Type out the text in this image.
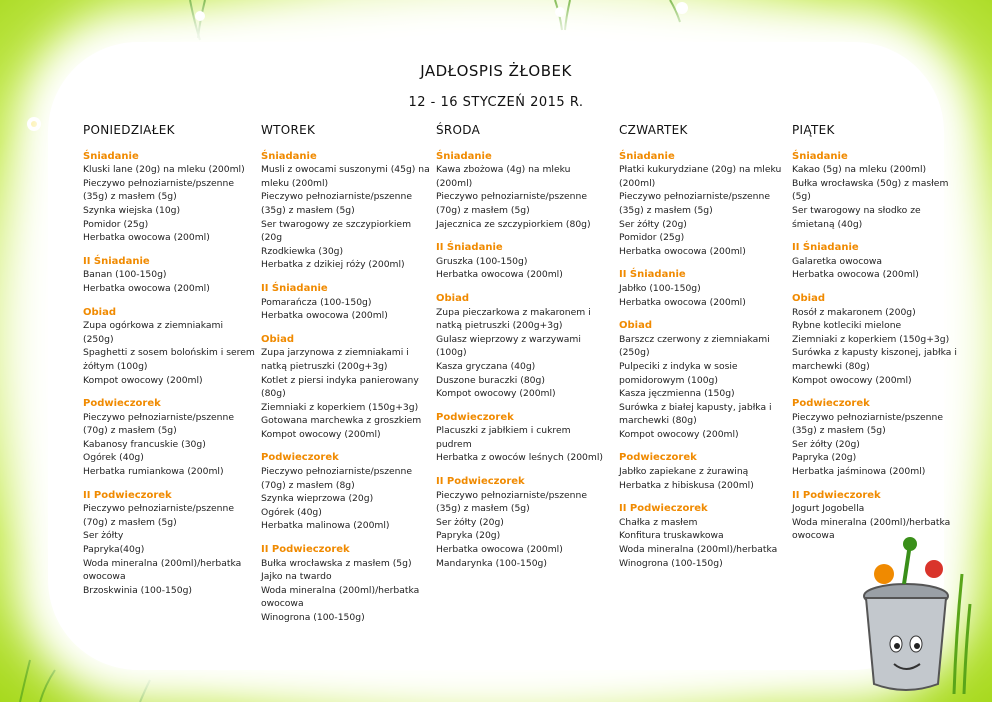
JADŁOSPIS ŻŁOBEK
12 - 16 STYCZEŃ 2015 R.
PONIEDZIAŁEK
Śniadanie
Kluski lane (20g) na mleku (200ml)
Pieczywo pełnoziarniste/pszenne (35g) z masłem (5g)
Szynka wiejska (10g)
Pomidor (25g)
Herbatka owocowa (200ml)
II Śniadanie
Banan (100-150g)
Herbatka owocowa (200ml)
Obiad
Zupa ogórkowa z ziemniakami (250g)
Spaghetti z sosem bolońskim i serem żółtym (100g)
Kompot owocowy (200ml)
Podwieczorek
Pieczywo pełnoziarniste/pszenne (70g) z masłem (5g)
Kabanosy francuskie (30g)
Ogórek (40g)
Herbatka rumiankowa (200ml)
II Podwieczorek
Pieczywo pełnoziarniste/pszenne (70g) z masłem (5g)
Ser żółty
Papryka(40g)
Woda mineralna (200ml)/herbatka owocowa
Brzoskwinia (100-150g)
WTOREK
Śniadanie
Musli z owocami suszonymi (45g) na mleku (200ml)
Pieczywo pełnoziarniste/pszenne (35g) z masłem (5g)
Ser twarogowy ze szczypiorkiem (20g
Rzodkiewka (30g)
Herbatka z dzikiej róży (200ml)
II Śniadanie
Pomarańcza (100-150g)
Herbatka owocowa (200ml)
Obiad
Zupa jarzynowa z ziemniakami i natką pietruszki (200g+3g)
Kotlet z piersi indyka panierowany (80g)
Ziemniaki z koperkiem (150g+3g)
Gotowana marchewka z groszkiem
Kompot owocowy (200ml)
Podwieczorek
Pieczywo pełnoziarniste/pszenne (70g) z masłem (8g)
Szynka wieprzowa (20g)
Ogórek (40g)
Herbatka malinowa (200ml)
II Podwieczorek
Bułka wrocławska z masłem (5g)
Jajko na twardo
Woda mineralna (200ml)/herbatka owocowa
Winogrona (100-150g)
ŚRODA
Śniadanie
Kawa zbożowa (4g) na mleku (200ml)
Pieczywo pełnoziarniste/pszenne (70g) z masłem (5g)
Jajecznica ze szczypiorkiem (80g)
II Śniadanie
Gruszka (100-150g)
Herbatka owocowa (200ml)
Obiad
Zupa pieczarkowa z makaronem i natką pietruszki (200g+3g)
Gulasz wieprzowy z warzywami (100g)
Kasza gryczana (40g)
Duszone buraczki (80g)
Kompot owocowy (200ml)
Podwieczorek
Placuszki z jabłkiem i cukrem pudrem
Herbatka z owoców leśnych (200ml)
II Podwieczorek
Pieczywo pełnoziarniste/pszenne (35g) z masłem (5g)
Ser żółty (20g)
Papryka (20g)
Herbatka owocowa (200ml)
Mandarynka (100-150g)
CZWARTEK
Śniadanie
Płatki kukurydziane (20g) na mleku (200ml)
Pieczywo pełnoziarniste/pszenne (35g) z masłem (5g)
Ser żółty (20g)
Pomidor (25g)
Herbatka owocowa (200ml)
II Śniadanie
Jabłko (100-150g)
Herbatka owocowa (200ml)
Obiad
Barszcz czerwony z ziemniakami (250g)
Pulpeciki z indyka w sosie pomidorowym (100g)
Kasza jęczmienna (150g)
Surówka z białej kapusty, jabłka i marchewki (80g)
Kompot owocowy (200ml)
Podwieczorek
Jabłko zapiekane z żurawiną
Herbatka z hibiskusa (200ml)
II Podwieczorek
Chałka z masłem
Konfitura truskawkowa
Woda mineralna (200ml)/herbatka
Winogrona (100-150g)
PIĄTEK
Śniadanie
Kakao (5g) na mleku (200ml)
Bułka wrocławska (50g) z masłem (5g)
Ser twarogowy na słodko ze śmietaną (40g)
II Śniadanie
Galaretka owocowa
Herbatka owocowa (200ml)
Obiad
Rosół z makaronem (200g)
Rybne kotleciki mielone
Ziemniaki z koperkiem (150g+3g)
Surówka z kapusty kiszonej, jabłka i marchewki (80g)
Kompot owocowy (200ml)
Podwieczorek
Pieczywo pełnoziarniste/pszenne (35g) z masłem (5g)
Ser żółty (20g)
Papryka (20g)
Herbatka jaśminowa (200ml)
II Podwieczorek
Jogurt Jogobella
Woda mineralna (200ml)/herbatka owocowa
